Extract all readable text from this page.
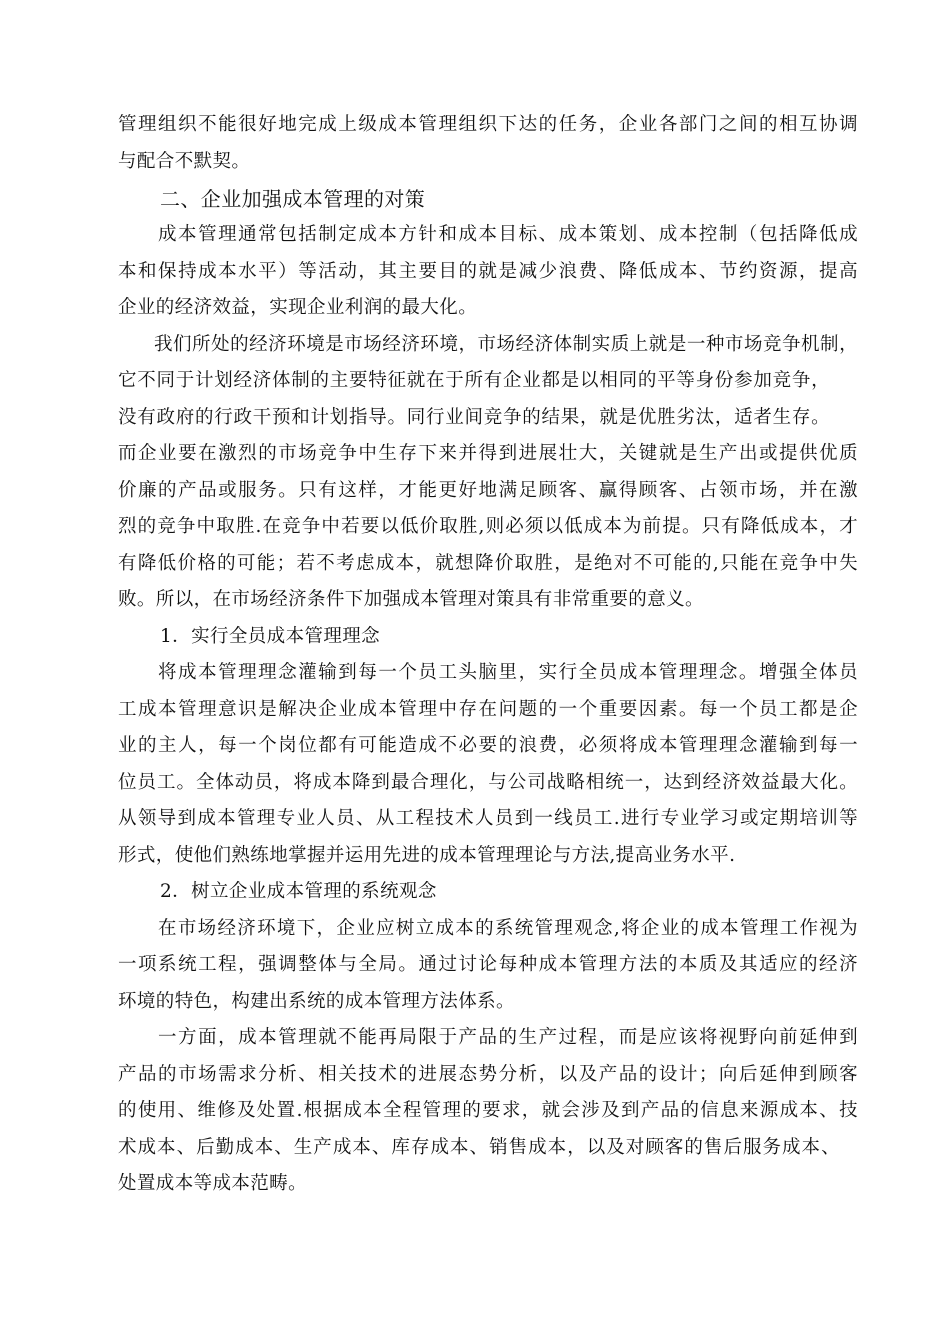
管理组织不能很好地完成上级成本管理组织下达的任务，企业各部门之间的相互协调
与配合不默契。
二、企业加强成本管理的对策
成本管理通常包括制定成本方针和成本目标、成本策划、成本控制（包括降低成
本和保持成本水平）等活动，其主要目的就是减少浪费、降低成本、节约资源，提高
企业的经济效益，实现企业利润的最大化。
我们所处的经济环境是市场经济环境，市场经济体制实质上就是一种市场竞争机制，
它不同于计划经济体制的主要特征就在于所有企业都是以相同的平等身份参加竞争，
没有政府的行政干预和计划指导。同行业间竞争的结果，就是优胜劣汰，适者生存。
而企业要在激烈的市场竞争中生存下来并得到进展壮大，关键就是生产出或提供优质
价廉的产品或服务。只有这样，才能更好地满足顾客、赢得顾客、占领市场，并在激
烈的竞争中取胜.在竞争中若要以低价取胜,则必须以低成本为前提。只有降低成本，才
有降低价格的可能；若不考虑成本，就想降价取胜，是绝对不可能的,只能在竞争中失
败。所以，在市场经济条件下加强成本管理对策具有非常重要的意义。
1．实行全员成本管理理念
将成本管理理念灌输到每一个员工头脑里，实行全员成本管理理念。增强全体员
工成本管理意识是解决企业成本管理中存在问题的一个重要因素。每一个员工都是企
业的主人，每一个岗位都有可能造成不必要的浪费，必须将成本管理理念灌输到每一
位员工。全体动员，将成本降到最合理化，与公司战略相统一，达到经济效益最大化。
从领导到成本管理专业人员、从工程技术人员到一线员工.进行专业学习或定期培训等
形式，使他们熟练地掌握并运用先进的成本管理理论与方法,提高业务水平.
2．树立企业成本管理的系统观念
在市场经济环境下，企业应树立成本的系统管理观念,将企业的成本管理工作视为
一项系统工程，强调整体与全局。通过讨论每种成本管理方法的本质及其适应的经济
环境的特色，构建出系统的成本管理方法体系。
一方面，成本管理就不能再局限于产品的生产过程，而是应该将视野向前延伸到
产品的市场需求分析、相关技术的进展态势分析，以及产品的设计；向后延伸到顾客
的使用、维修及处置.根据成本全程管理的要求，就会涉及到产品的信息来源成本、技
术成本、后勤成本、生产成本、库存成本、销售成本，以及对顾客的售后服务成本、
处置成本等成本范畴。
